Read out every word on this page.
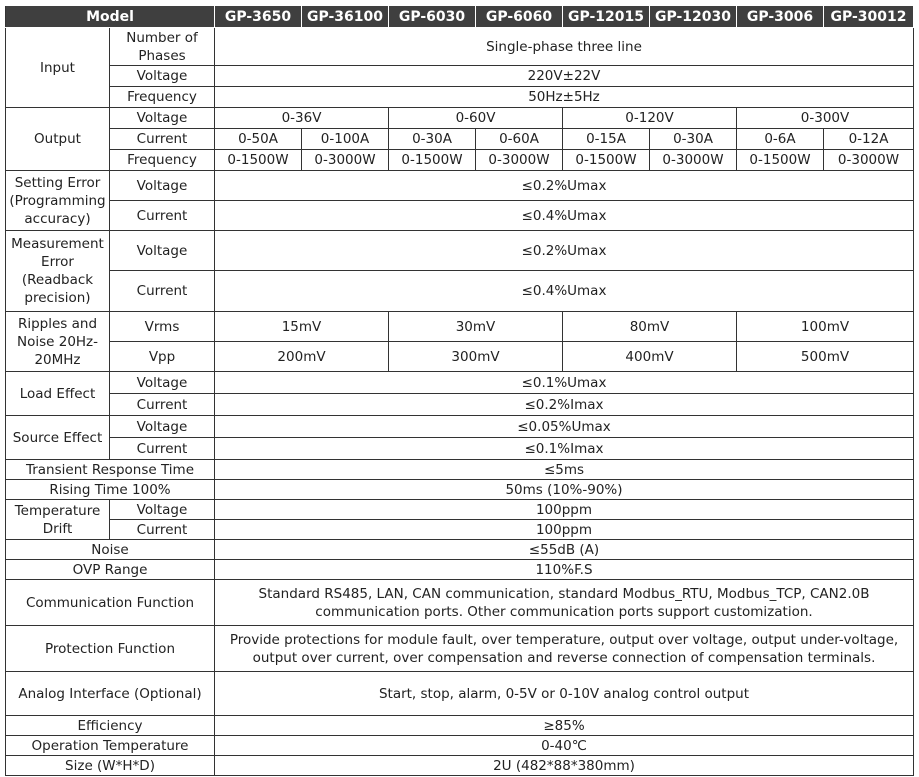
Model		GP-3650	GP-36100	GP-6030	GP-6060	GP-12015	GP-12030	GP-3006	GP-30012
Input	Number of Phases	Single-phase three line							
	Voltage	220V±22V							
	Frequency	50Hz±5Hz							
Output	Voltage	0-36V		0-60V		0-120V		0-300V	
	Current	0-50A	0-100A	0-30A	0-60A	0-15A	0-30A	0-6A	0-12A
	Frequency	0-1500W	0-3000W	0-1500W	0-3000W	0-1500W	0-3000W	0-1500W	0-3000W
Setting Error (Programming accuracy)	Voltage	≤0.2%Umax							
	Current	≤0.4%Umax							
Measurement Error (Readback precision)	Voltage	≤0.2%Umax							
	Current	≤0.4%Umax							
Ripples and Noise 20Hz-20MHz	Vrms	15mV		30mV		80mV		100mV	
	Vpp	200mV		300mV		400mV		500mV	
Load Effect	Voltage	≤0.1%Umax							
	Current	≤0.2%Imax							
Source Effect	Voltage	≤0.05%Umax							
	Current	≤0.1%Imax							
Transient Response Time		≤5ms							
Rising Time 100%		50ms (10%-90%)							
Temperature Drift	Voltage	100ppm							
	Current	100ppm							
Noise		≤55dB (A)							
OVP Range		110%F.S							
Communication Function		Standard RS485, LAN, CAN communication, standard Modbus_RTU, Modbus_TCP, CAN2.0B communication ports. Other communication ports support customization.							
Protection Function		Provide protections for module fault, over temperature, output over voltage, output under-voltage, output over current, over compensation and reverse connection of compensation terminals.							
Analog Interface (Optional)		Start, stop, alarm, 0-5V or 0-10V analog control output							
Efficiency		≥85%							
Operation Temperature		0-40℃							
Size (W*H*D)		2U (482*88*380mm)							
